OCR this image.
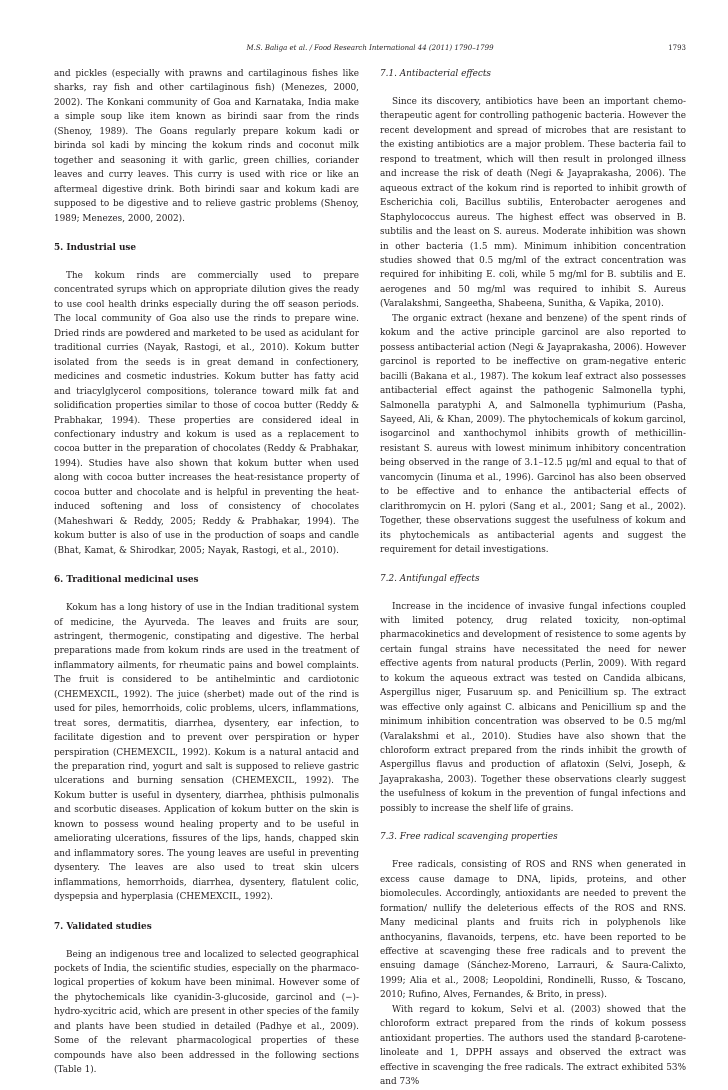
M.S. Baliga et al. / Food Research International 44 (2011) 1790–1799	1793

and pickles (especially with prawns and cartilaginous fishes like sharks, ray fish and other cartilaginous fish) (Menezes, 2000, 2002). The Konkani community of Goa and Karnataka, India make a simple soup like item known as birindi saar from the rinds (Shenoy, 1989). The Goans regularly prepare kokum kadi or birinda sol kadi by mincing the kokum rinds and coconut milk together and seasoning it with garlic, green chillies, coriander leaves and curry leaves. This curry is used with rice or like an aftermeal digestive drink. Both birindi saar and kokum kadi are supposed to be digestive and to relieve gastric problems (Shenoy, 1989; Menezes, 2000, 2002).

5. Industrial use

The kokum rinds are commercially used to prepare concentrated syrups which on appropriate dilution gives the ready to use cool health drinks especially during the off season periods. The local community of Goa also use the rinds to prepare wine. Dried rinds are powdered and marketed to be used as acidulant for traditional curries (Nayak, Rastogi, et al., 2010). Kokum butter isolated from the seeds is in great demand in confectionery, medicines and cosmetic industries. Kokum butter has fatty acid and triacylglycerol compositions, tolerance toward milk fat and solidification properties similar to those of cocoa butter (Reddy & Prabhakar, 1994). These properties are considered ideal in confectionary industry and kokum is used as a replacement to cocoa butter in the preparation of chocolates (Reddy & Prabhakar, 1994). Studies have also shown that kokum butter when used along with cocoa butter increases the heat-resistance property of cocoa butter and chocolate and is helpful in preventing the heat-induced softening and loss of consistency of chocolates (Maheshwari & Reddy, 2005; Reddy & Prabhakar, 1994). The kokum butter is also of use in the production of soaps and candle (Bhat, Kamat, & Shirodkar, 2005; Nayak, Rastogi, et al., 2010).

6. Traditional medicinal uses

Kokum has a long history of use in the Indian traditional system of medicine, the Ayurveda. The leaves and fruits are sour, astringent, thermogenic, constipating and digestive. The herbal preparations made from kokum rinds are used in the treatment of inflammatory ailments, for rheumatic pains and bowel complaints. The fruit is considered to be antihelmintic and cardiotonic (CHEMEXCIL, 1992). The juice (sherbet) made out of the rind is used for piles, hemorrhoids, colic problems, ulcers, inflammations, treat sores, dermatitis, diarrhea, dysentery, ear infection, to facilitate digestion and to prevent over perspiration or hyper perspiration (CHEMEXCIL, 1992). Kokum is a natural antacid and the preparation rind, yogurt and salt is supposed to relieve gastric ulcerations and burning sensation (CHEMEXCIL, 1992). The Kokum butter is useful in dysentery, diarrhea, phthisis pulmonalis and scorbutic diseases. Application of kokum butter on the skin is known to possess wound healing property and to be useful in ameliorating ulcerations, fissures of the lips, hands, chapped skin and inflammatory sores. The young leaves are useful in preventing dysentery. The leaves are also used to treat skin ulcers inflammations, hemorrhoids, diarrhea, dysentery, flatulent colic, dyspepsia and hyperplasia (CHEMEXCIL, 1992).

7. Validated studies

Being an indigenous tree and localized to selected geographical pockets of India, the scientific studies, especially on the pharmaco-logical properties of kokum have been minimal. However some of the phytochemicals like cyanidin-3-glucoside, garcinol and (−)-hydro-xycitric acid, which are present in other species of the family and plants have been studied in detailed (Padhye et al., 2009). Some of the relevant pharmacological properties of these compounds have also been addressed in the following sections (Table 1).

7.1. Antibacterial effects

Since its discovery, antibiotics have been an important chemo-therapeutic agent for controlling pathogenic bacteria. However the recent development and spread of microbes that are resistant to the existing antibiotics are a major problem. These bacteria fail to respond to treatment, which will then result in prolonged illness and increase the risk of death (Negi & Jayaprakasha, 2006). The aqueous extract of the kokum rind is reported to inhibit growth of Escherichia coli, Bacillus subtilis, Enterobacter aerogenes and Staphylococcus aureus. The highest effect was observed in B. subtilis and the least on S. aureus. Moderate inhibition was shown in other bacteria (1.5 mm). Minimum inhibition concentration studies showed that 0.5 mg/ml of the extract concentration was required for inhibiting E. coli, while 5 mg/ml for B. subtilis and E. aerogenes and 50 mg/ml was required to inhibit S. Aureus (Varalakshmi, Sangeetha, Shabeena, Sunitha, & Vapika, 2010).

The organic extract (hexane and benzene) of the spent rinds of kokum and the active principle garcinol are also reported to possess antibacterial action (Negi & Jayaprakasha, 2006). However garcinol is reported to be ineffective on gram-negative enteric bacilli (Bakana et al., 1987). The kokum leaf extract also possesses antibacterial effect against the pathogenic Salmonella typhi, Salmonella paratyphi A, and Salmonella typhimurium (Pasha, Sayeed, Ali, & Khan, 2009). The phytochemicals of kokum garcinol, isogarcinol and xanthochymol inhibits growth of methicillin-resistant S. aureus with lowest minimum inhibitory concentration being observed in the range of 3.1–12.5 μg/ml and equal to that of vancomycin (Iinuma et al., 1996). Garcinol has also been observed to be effective and to enhance the antibacterial effects of clarithromycin on H. pylori (Sang et al., 2001; Sang et al., 2002). Together, these observations suggest the usefulness of kokum and its phytochemicals as antibacterial agents and suggest the requirement for detail investigations.

7.2. Antifungal effects

Increase in the incidence of invasive fungal infections coupled with limited potency, drug related toxicity, non-optimal pharmacokinetics and development of resistence to some agents by certain fungal strains have necessitated the need for newer effective agents from natural products (Perlin, 2009). With regard to kokum the aqueous extract was tested on Candida albicans, Aspergillus niger, Fusaruum sp. and Penicillium sp. The extract was effective only against C. albicans and Penicillium sp and the minimum inhibition concentration was observed to be 0.5 mg/ml (Varalakshmi et al., 2010). Studies have also shown that the chloroform extract prepared from the rinds inhibit the growth of Aspergillus flavus and production of aflatoxin (Selvi, Joseph, & Jayaprakasha, 2003). Together these observations clearly suggest the usefulness of kokum in the prevention of fungal infections and possibly to increase the shelf life of grains.

7.3. Free radical scavenging properties

Free radicals, consisting of ROS and RNS when generated in excess cause damage to DNA, lipids, proteins, and other biomolecules. Accordingly, antioxidants are needed to prevent the formation/ nullify the deleterious effects of the ROS and RNS. Many medicinal plants and fruits rich in polyphenols like anthocyanins, flavanoids, terpens, etc. have been reported to be effective at scavenging these free radicals and to prevent the ensuing damage (Sánchez-Moreno, Larrauri, & Saura-Calixto, 1999; Alia et al., 2008; Leopoldini, Rondinelli, Russo, & Toscano, 2010; Rufino, Alves, Fernandes, & Brito, in press).

With regard to kokum, Selvi et al. (2003) showed that the chloroform extract prepared from the rinds of kokum possess antioxidant properties. The authors used the standard β-carotene-linoleate and 1, DPPH assays and observed the extract was effective in scavenging the free radicals. The extract exhibited 53% and 73%
